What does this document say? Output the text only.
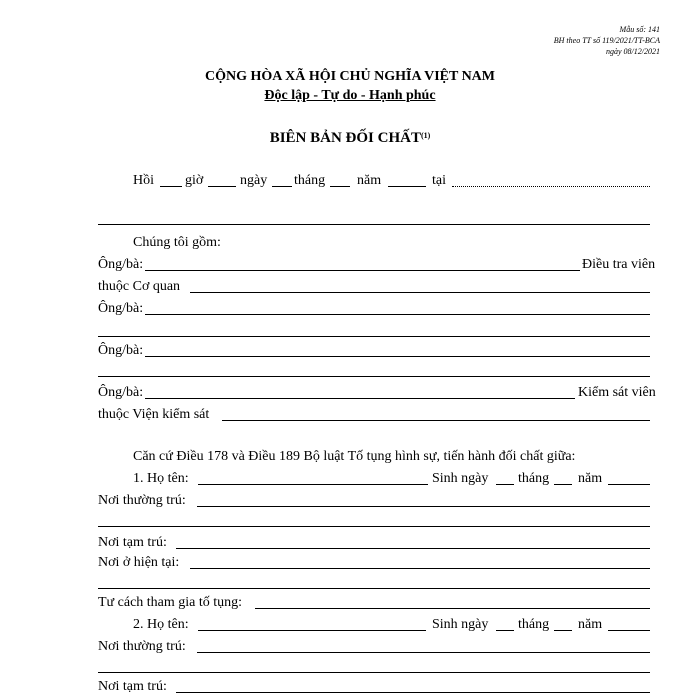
Mẫu số: 141
BH theo TT số 119/2021/TT-BCA
ngày 08/12/2021
CỘNG HÒA XÃ HỘI CHỦ NGHĨA VIỆT NAM
Độc lập - Tự do - Hạnh phúc
BIÊN BẢN ĐỐI CHẤT$^{(1)}$
Hồi giờ	ngày tháng năm	tại
Chúng tôi gồm:
Ông/bà:	Điều tra viên
thuộc Cơ quan
Ông/bà:
Ông/bà:
Ông/bà:	Kiểm sát viên
thuộc Viện kiểm sát
Căn cứ Điều 178 và Điều 189 Bộ luật Tố tụng hình sự, tiến hành đối chất giữa:
1. Họ tên:	Sinh ngày tháng năm
Nơi thường trú:
Nơi tạm trú:
Nơi ở hiện tại:
Tư cách tham gia tố tụng:
2. Họ tên:	Sinh ngày tháng năm
Nơi thường trú:
Nơi tạm trú:
